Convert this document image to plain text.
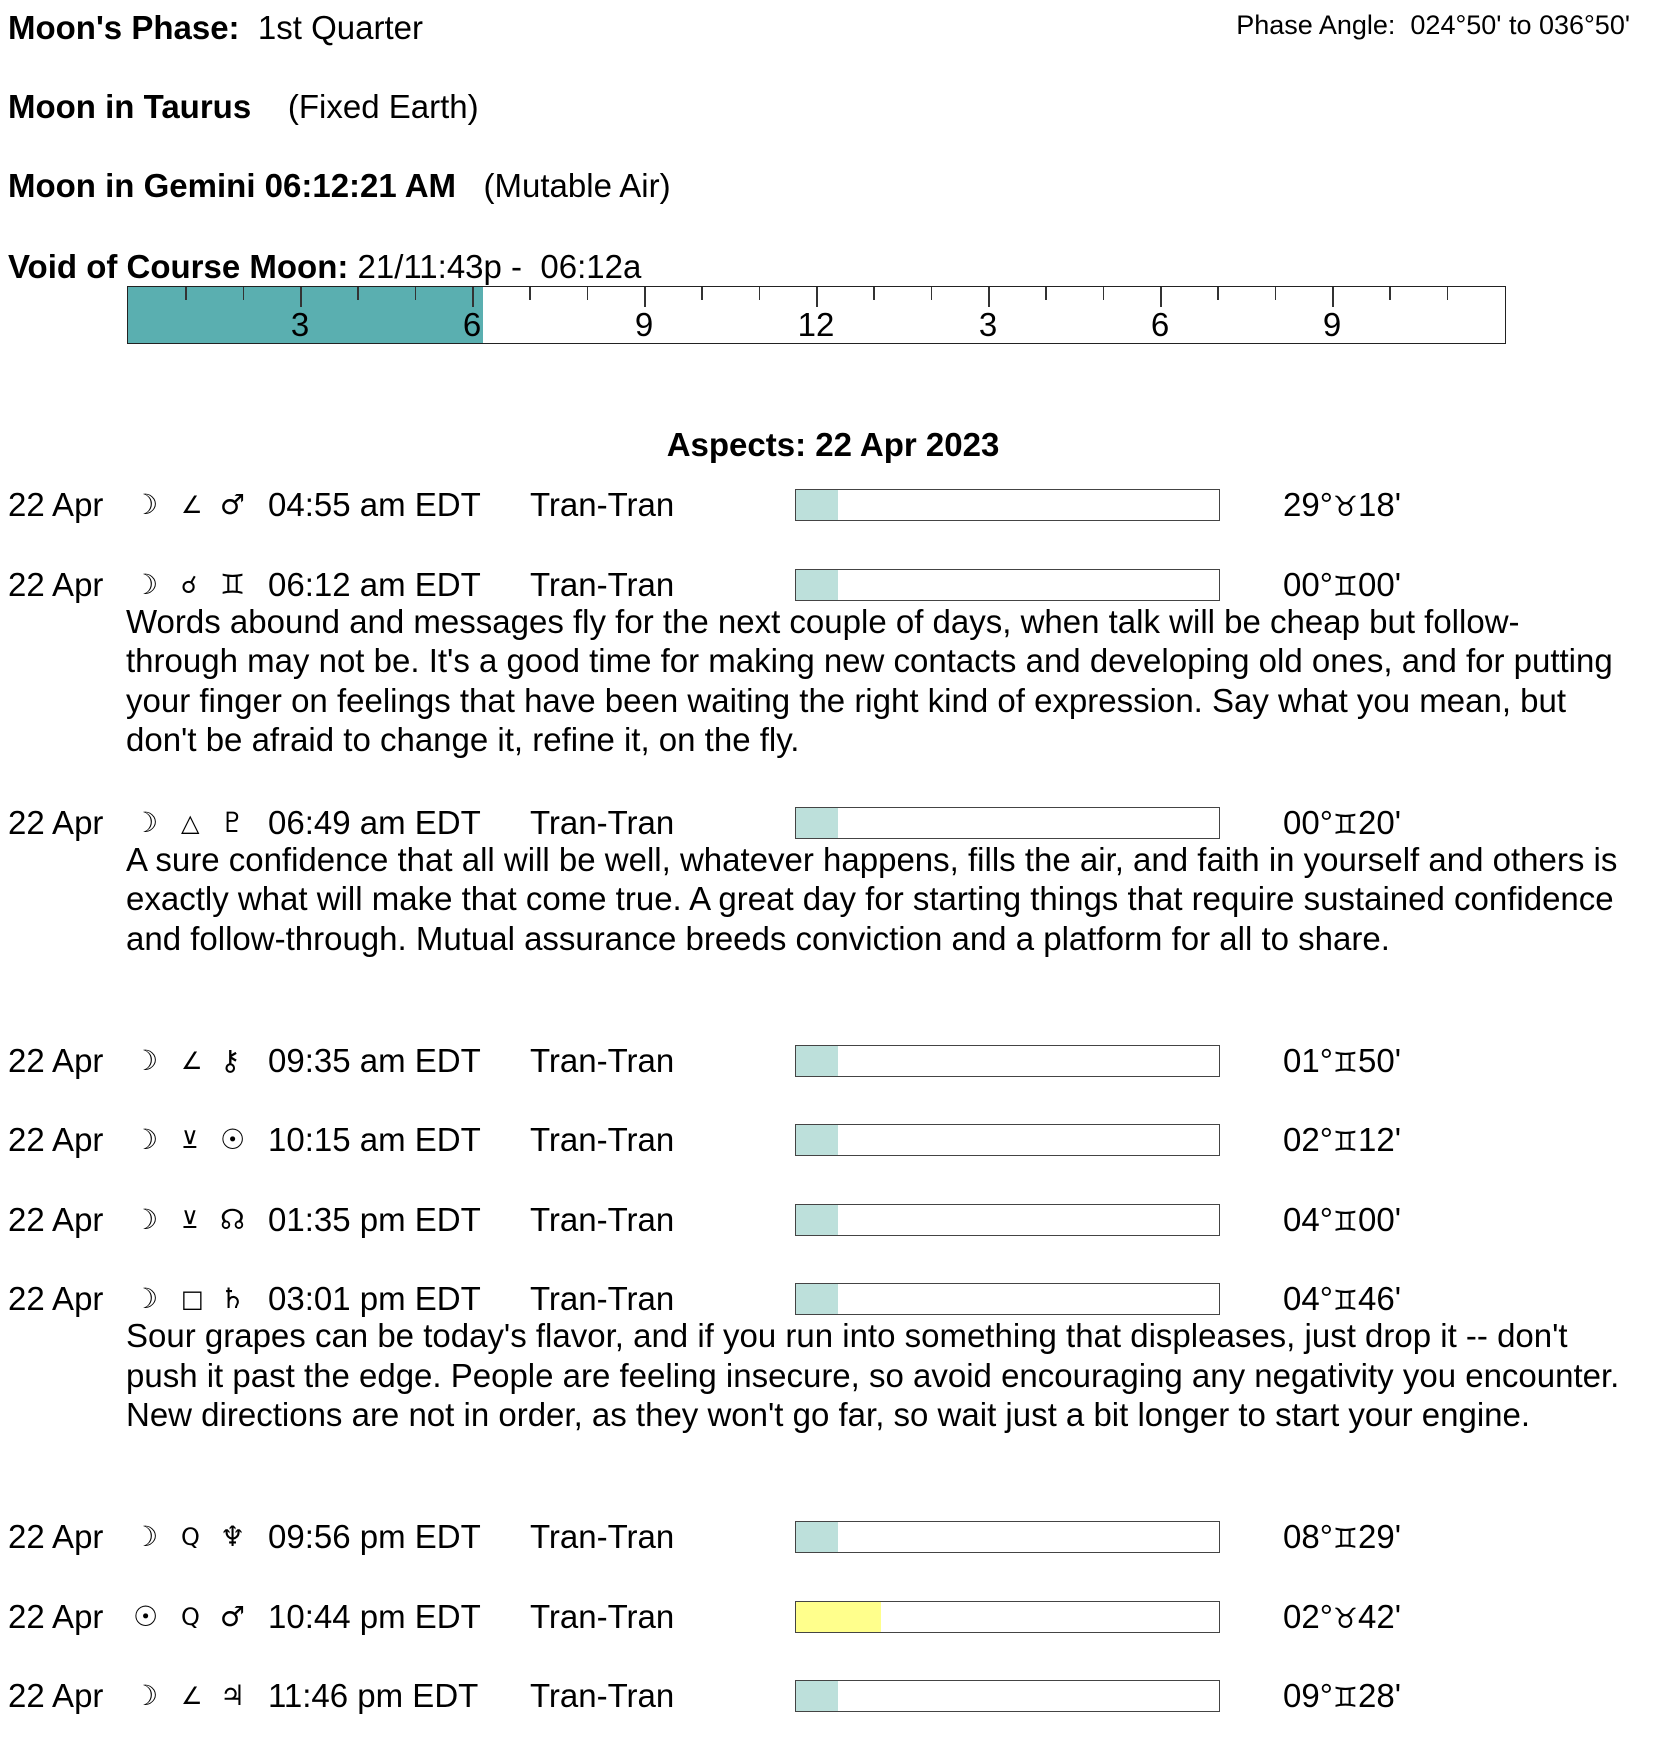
Moon's Phase: 1st Quarter	Phase Angle: 024°50' to 036°50'
Moon in Taurus (Fixed Earth)
Moon in Gemini 06:12:21 AM (Mutable Air)
Void of Course Moon: 21/11:43p -  06:12a
3	6	9	12	3	6	9
Aspects: 22 Apr 2023
22 Apr ☽ ∠ ♂ 04:55 am EDT Tran-Tran	29°♉18'
22 Apr ☽ ☌ ♊ 06:12 am EDT Tran-Tran	00°♊00'
Words abound and messages fly for the next couple of days, when talk will be cheap but follow-through may not be. It's a good time for making new contacts and developing old ones, and for putting your finger on feelings that have been waiting the right kind of expression. Say what you mean, but don't be afraid to change it, refine it, on the fly.
22 Apr ☽ △ ♇ 06:49 am EDT Tran-Tran	00°♊20'
A sure confidence that all will be well, whatever happens, fills the air, and faith in yourself and others is exactly what will make that come true. A great day for starting things that require sustained confidence and follow-through. Mutual assurance breeds conviction and a platform for all to share.
22 Apr ☽ ∠ ⚷ 09:35 am EDT Tran-Tran	01°♊50'
22 Apr ☽ ⊻ ☉ 10:15 am EDT Tran-Tran	02°♊12'
22 Apr ☽ ⊻ ☊ 01:35 pm EDT Tran-Tran	04°♊00'
22 Apr ☽ □ ♄ 03:01 pm EDT Tran-Tran	04°♊46'
Sour grapes can be today's flavor, and if you run into something that displeases, just drop it -- don't push it past the edge. People are feeling insecure, so avoid encouraging any negativity you encounter. New directions are not in order, as they won't go far, so wait just a bit longer to start your engine.
22 Apr ☽ Q ♆ 09:56 pm EDT Tran-Tran	08°♊29'
22 Apr ☉ Q ♂ 10:44 pm EDT Tran-Tran	02°♉42'
22 Apr ☽ ∠ ♃ 11:46 pm EDT Tran-Tran	09°♊28'
